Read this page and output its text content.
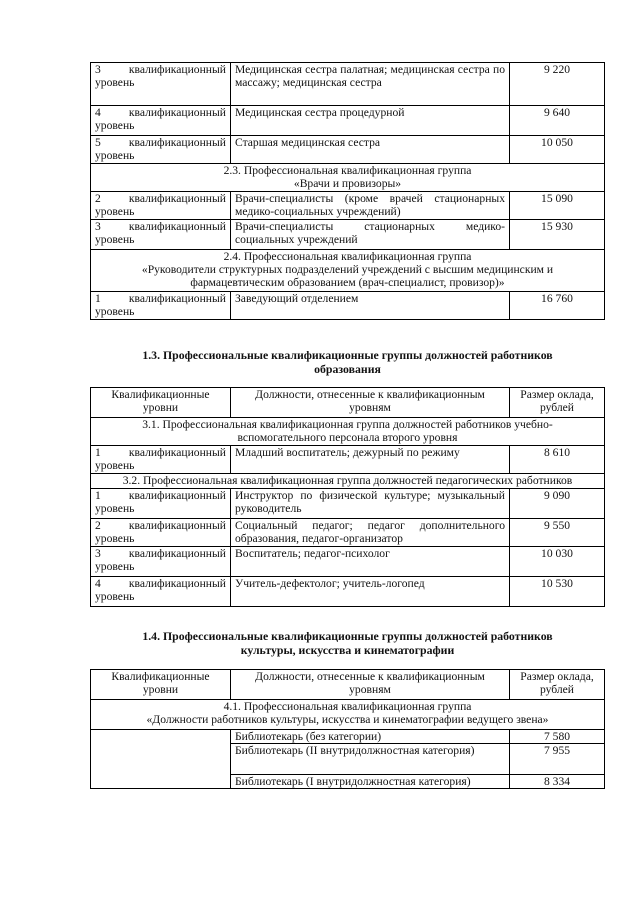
3 квалификационный уровень	Медицинская сестра палатная; медицинская сестра по массажу; медицинская сестра	9 220
4 квалификационный уровень	Медицинская сестра процедурной	9 640
5 квалификационный уровень	Старшая медицинская сестра	10 050

2.3. Профессиональная квалификационная группа
«Врачи и провизоры»		

2 квалификационный уровень	Врачи-специалисты (кроме врачей стационарных медико-социальных учреждений)	15 090
3 квалификационный уровень	Врачи-специалисты стационарных медико-социальных учреждений	15 930

2.4. Профессиональная квалификационная группа
«Руководители структурных подразделений учреждений с высшим медицинским и фармацевтическим образованием (врач-специалист, провизор)»		

1 квалификационный уровень	Заведующий отделением	16 760
1.3. Профессиональные квалификационные группы должностей работников образования
Квалификационные уровни	Должности, отнесенные к квалификационным уровням	Размер оклада, рублей
3.1. Профессиональная квалификационная группа должностей работников учебно-вспомогательного персонала второго уровня		
1 квалификационный уровень	Младший воспитатель; дежурный по режиму	8 610
3.2. Профессиональная квалификационная группа должностей педагогических работников		
1 квалификационный уровень	Инструктор по физической культуре; музыкальный руководитель	9 090
2 квалификационный уровень	Социальный педагог; педагог дополнительного образования, педагог-организатор	9 550
3 квалификационный уровень	Воспитатель; педагог-психолог	10 030
4 квалификационный уровень	Учитель-дефектолог; учитель-логопед	10 530
1.4. Профессиональные квалификационные группы должностей работников культуры, искусства и кинематографии
Квалификационные уровни	Должности, отнесенные к квалификационным уровням	Размер оклада, рублей

4.1. Профессиональная квалификационная группа
«Должности работников культуры, искусства и кинематографии ведущего звена»		

	Библиотекарь (без категории)	7 580
	Библиотекарь (II внутридолжностная категория)	7 955
	Библиотекарь (I внутридолжностная категория)	8 334
